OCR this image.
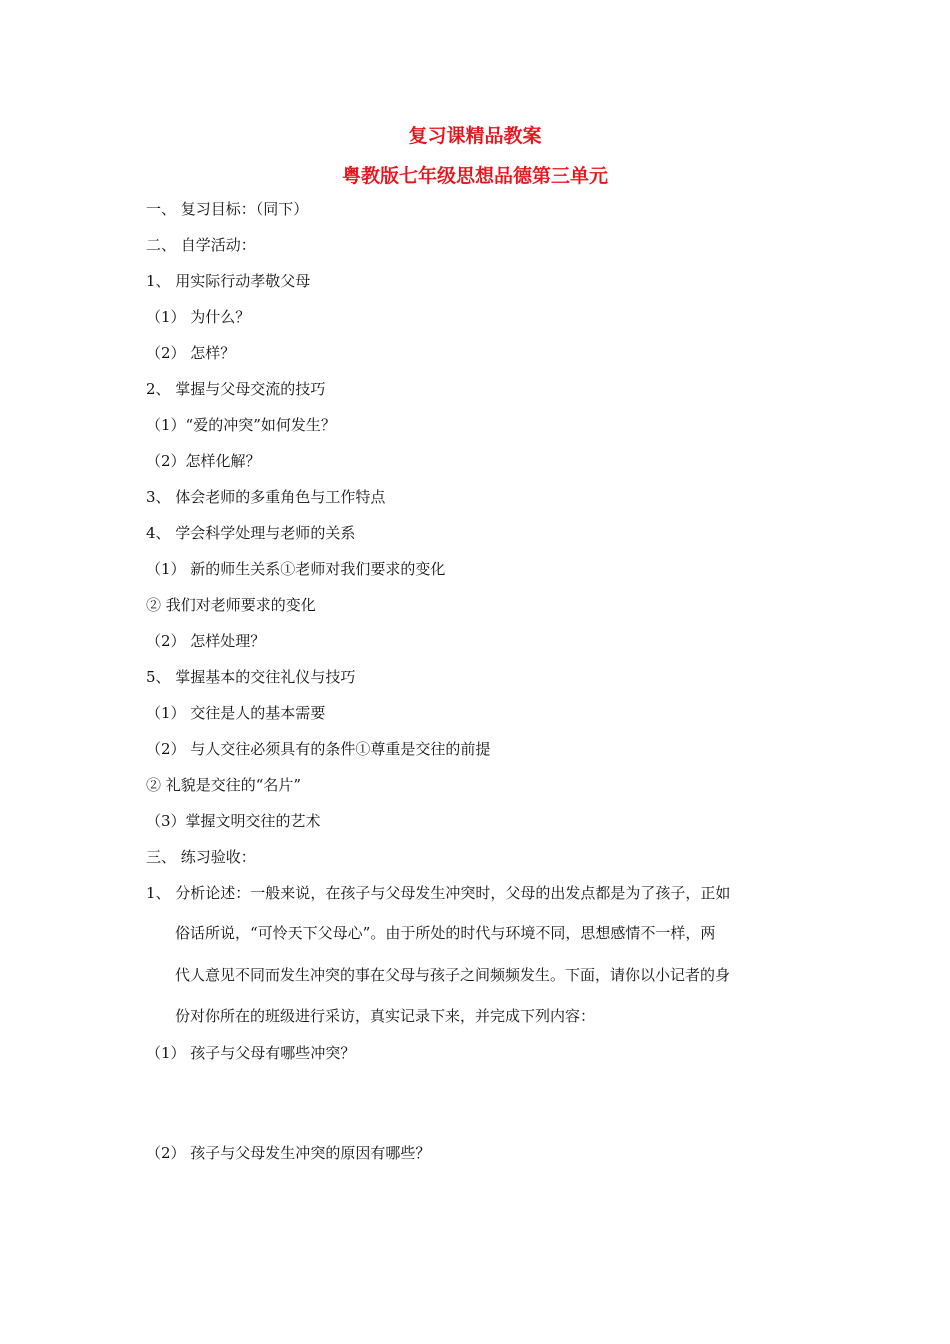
复习课精品教案
粤教版七年级思想品德第三单元
一、 复习目标：（同下）
二、 自学活动：
1、 用实际行动孝敬父母
（1） 为什么？
（2） 怎样？
2、 掌握与父母交流的技巧
（1）“爱的冲突”如何发生？
（2）怎样化解？
3、 体会老师的多重角色与工作特点
4、 学会科学处理与老师的关系
（1） 新的师生关系①老师对我们要求的变化
② 我们对老师要求的变化
（2） 怎样处理？
5、 掌握基本的交往礼仪与技巧
（1） 交往是人的基本需要
（2） 与人交往必须具有的条件①尊重是交往的前提
② 礼貌是交往的“名片”
（3）掌握文明交往的艺术
三、 练习验收：
1、 分析论述：一般来说，在孩子与父母发生冲突时，父母的出发点都是为了孩子，正如
俗话所说，“可怜天下父母心”。由于所处的时代与环境不同，思想感情不一样，两
代人意见不同而发生冲突的事在父母与孩子之间频频发生。下面，请你以小记者的身
份对你所在的班级进行采访，真实记录下来，并完成下列内容：
（1） 孩子与父母有哪些冲突？
（2） 孩子与父母发生冲突的原因有哪些？
